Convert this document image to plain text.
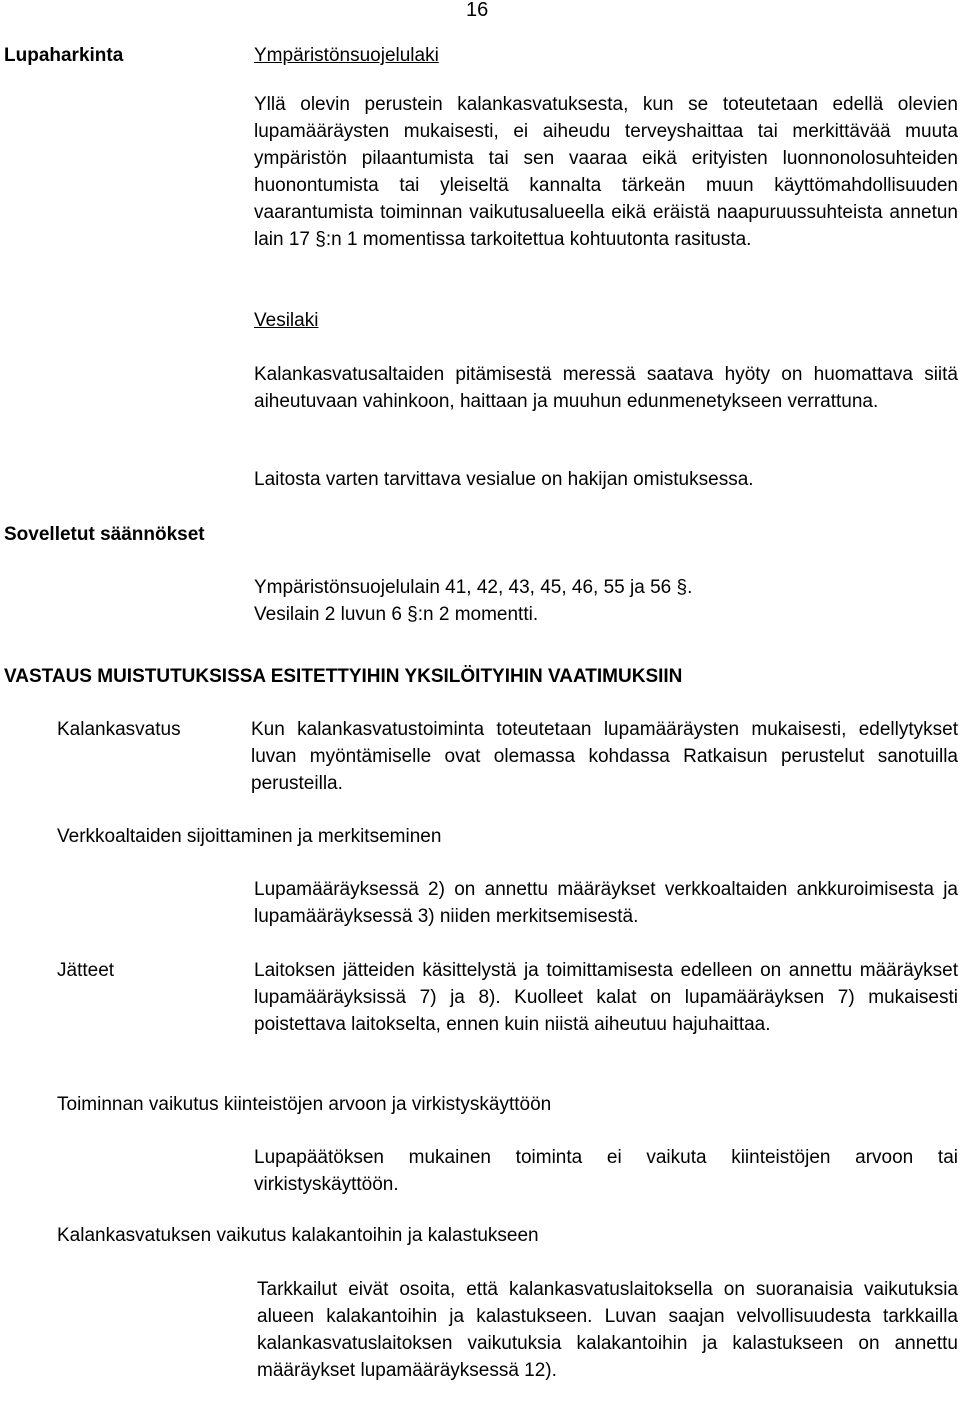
16
Lupaharkinta	Ympäristönsuojelulaki
Yllä olevin perustein kalankasvatuksesta, kun se toteutetaan edellä olevien lupamääräysten mukaisesti, ei aiheudu terveyshaittaa tai merkittävää muuta ympäristön pilaantumista tai sen vaaraa eikä erityisten luonnonolosuhteiden huonontumista tai yleiseltä kannalta tärkeän muun käyttömahdollisuuden vaarantumista toiminnan vaikutusalueella eikä eräistä naapuruussuhteista annetun lain 17 §:n 1 momentissa tarkoitettua kohtuutonta rasitusta.
Vesilaki
Kalankasvatusaltaiden pitämisestä meressä saatava hyöty on huomattava siitä aiheutuvaan vahinkoon, haittaan ja muuhun edunmenetykseen verrattuna.
Laitosta varten tarvittava vesialue on hakijan omistuksessa.
Sovelletut säännökset
Ympäristönsuojelulain 41, 42, 43, 45, 46, 55 ja 56 §.
Vesilain 2 luvun 6 §:n 2 momentti.
VASTAUS MUISTUTUKSISSA ESITETTYIHIN YKSILÖITYIHIN VAATIMUKSIIN
Kalankasvatus	Kun kalankasvatustoiminta toteutetaan lupamääräysten mukaisesti, edellytykset luvan myöntämiselle ovat olemassa kohdassa Ratkaisun perustelut sanotuilla perusteilla.
Verkkoaltaiden sijoittaminen ja merkitseminen
Lupamääräyksessä 2) on annettu määräykset verkkoaltaiden ankkuroimisesta ja lupamääräyksessä 3) niiden merkitsemisestä.
Jätteet	Laitoksen jätteiden käsittelystä ja toimittamisesta edelleen on annettu määräykset lupamääräyksissä 7) ja 8). Kuolleet kalat on lupamääräyksen 7) mukaisesti poistettava laitokselta, ennen kuin niistä aiheutuu hajuhaittaa.
Toiminnan vaikutus kiinteistöjen arvoon ja virkistyskäyttöön
Lupapäätöksen mukainen toiminta ei vaikuta kiinteistöjen arvoon tai virkistyskäyttöön.
Kalankasvatuksen vaikutus kalakantoihin ja kalastukseen
Tarkkailut eivät osoita, että kalankasvatuslaitoksella on suoranaisia vaikutuksia alueen kalakantoihin ja kalastukseen. Luvan saajan velvollisuudesta tarkkailla kalankasvatuslaitoksen vaikutuksia kalakantoihin ja kalastukseen on annettu määräykset lupamääräyksessä 12).
